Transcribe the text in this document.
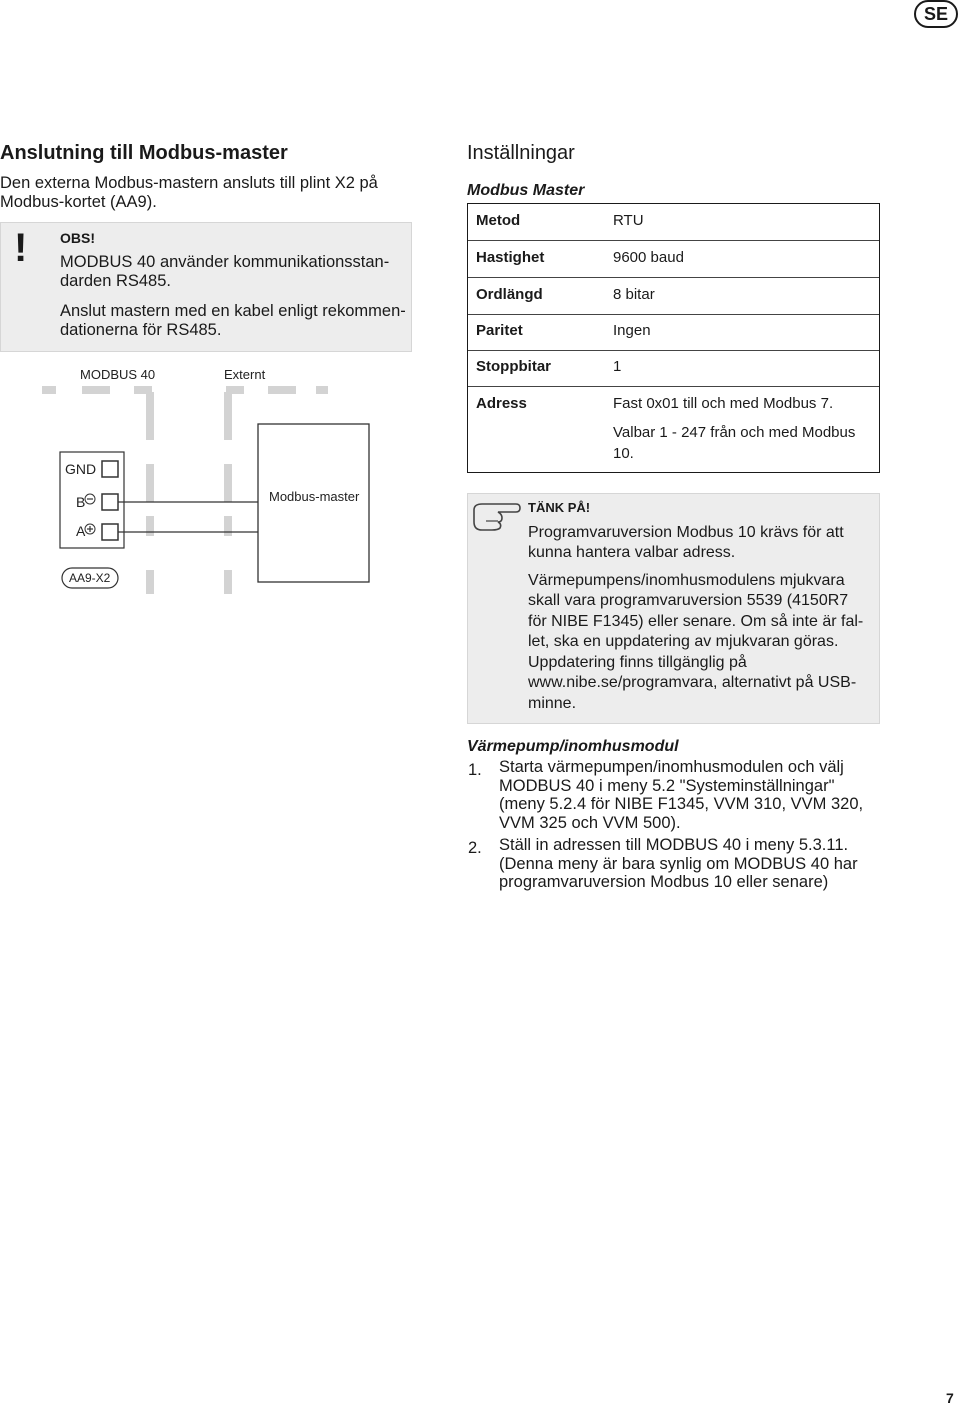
SE
Anslutning till Modbus-master
Den externa Modbus-mastern ansluts till plint X2 på
Modbus-kortet (AA9).
! OBS!
MODBUS 40 använder kommunikationsstan-
darden RS485.
Anslut mastern med en kabel enligt rekommen-
dationerna för RS485.
MODBUS 40	Externt
GND
B
A
AA9-X2
Modbus-master
Inställningar
Modbus Master
Metod	RTU
Hastighet	9600 baud
Ordlängd	8 bitar
Paritet	Ingen
Stoppbitar	1
Adress	Fast 0x01 till och med Modbus 7.
Valbar 1 - 247 från och med Modbus
10.
TÄNK PÅ!
Programvaruversion Modbus 10 krävs för att
kunna hantera valbar adress.
Värmepumpens/inomhusmodulens mjukvara
skall vara programvaruversion 5539 (4150R7
för NIBE F1345) eller senare. Om så inte är fal-
let, ska en uppdatering av mjukvaran göras.
Uppdatering finns tillgänglig på
www.nibe.se/programvara, alternativt på USB-
minne.
Värmepump/inomhusmodul
1. Starta värmepumpen/inomhusmodulen och välj
MODBUS 40 i meny 5.2 "Systeminställningar"
(meny 5.2.4 för NIBE F1345, VVM 310, VVM 320,
VVM 325 och VVM 500).
2. Ställ in adressen till MODBUS 40 i meny 5.3.11.
(Denna meny är bara synlig om MODBUS 40 har
programvaruversion Modbus 10 eller senare)
7
